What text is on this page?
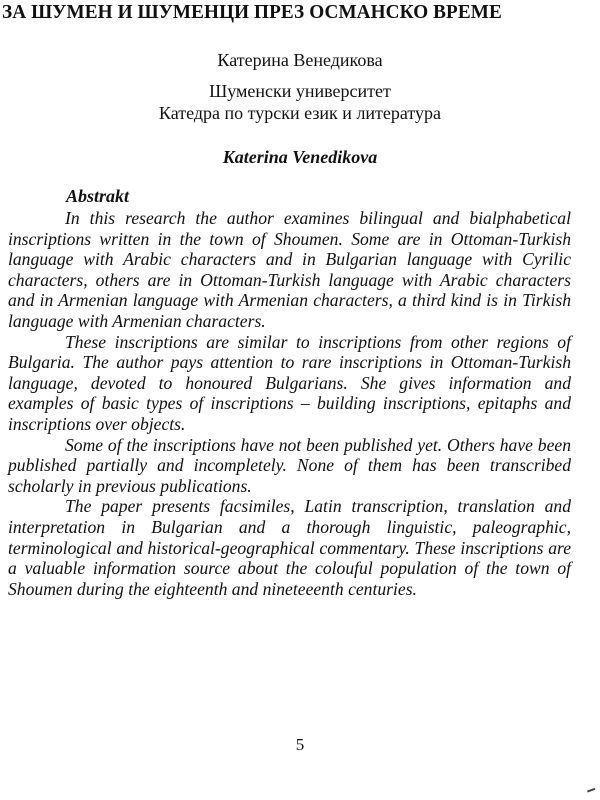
ЗА ШУМЕН И ШУМЕНЦИ ПРЕЗ ОСМАНСКО ВРЕМЕ
Катерина Венедикова
Шуменски университет
Катедра по турски език и литература
Katerina Venedikova
Abstrakt

In this research the author examines bilingual and bialphabetical inscriptions written in the town of Shoumen. Some are in Ottoman-Turkish language with Arabic characters and in Bulgarian language with Cyrilic characters, others are in Ottoman-Turkish language with Arabic characters and in Armenian language with Armenian characters, a third kind is in Tirkish language with Armenian characters.

These inscriptions are similar to inscriptions from other regions of Bulgaria. The author pays attention to rare inscriptions in Ottoman-Turkish language, devoted to honoured Bulgarians. She gives information and examples of basic types of inscriptions – building inscriptions, epitaphs and inscriptions over objects.

Some of the inscriptions have not been published yet. Others have been published partially and incompletely. None of them has been transcribed scholarly in previous publications.

The paper presents facsimiles, Latin transcription, translation and interpretation in Bulgarian and a thorough linguistic, paleographic, terminological and historical-geographical commentary. These inscriptions are a valuable information source about the colouful population of the town of Shoumen during the eighteenth and nineteeenth centuries.

5
